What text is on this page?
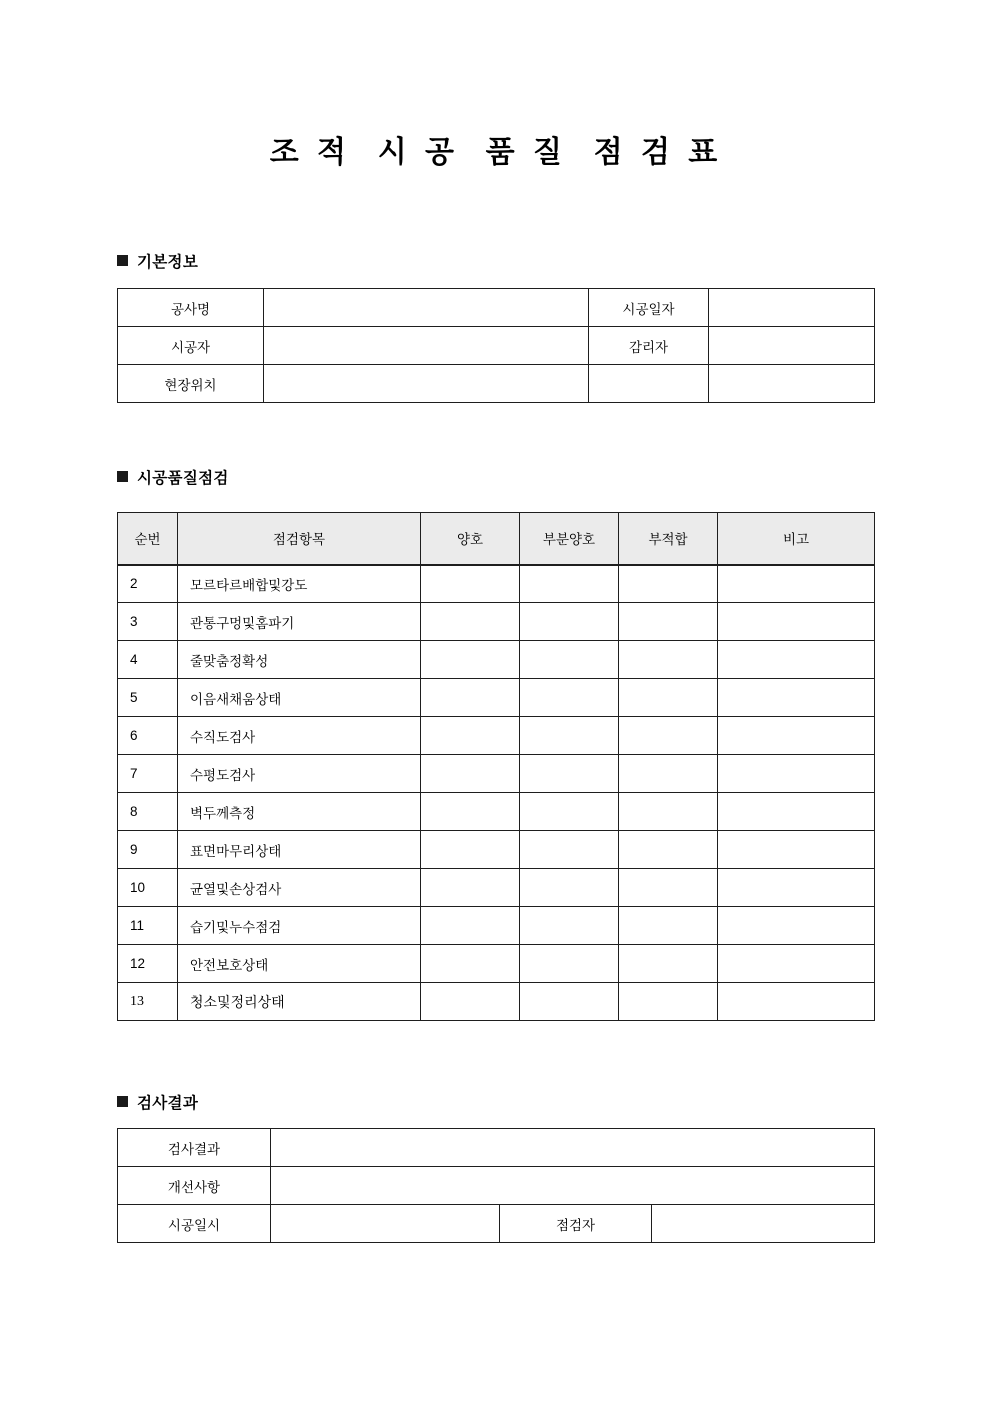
조 적  시 공  품 질  점 검 표
기본정보
공사명		시공일자	
시공자		감리자	
현장위치			
시공품질점검
순번	점검항목	양호	부분양호	부적합	비고
2	모르타르배합및강도				
3	관통구멍및홈파기				
4	줄맞춤정확성				
5	이음새채움상태				
6	수직도검사				
7	수평도검사				
8	벽두께측정				
9	표면마무리상태				
10	균열및손상검사				
11	습기및누수점검				
12	안전보호상태				
13	청소및정리상태				
검사결과
검사결과			
개선사항			
시공일시		점검자	
